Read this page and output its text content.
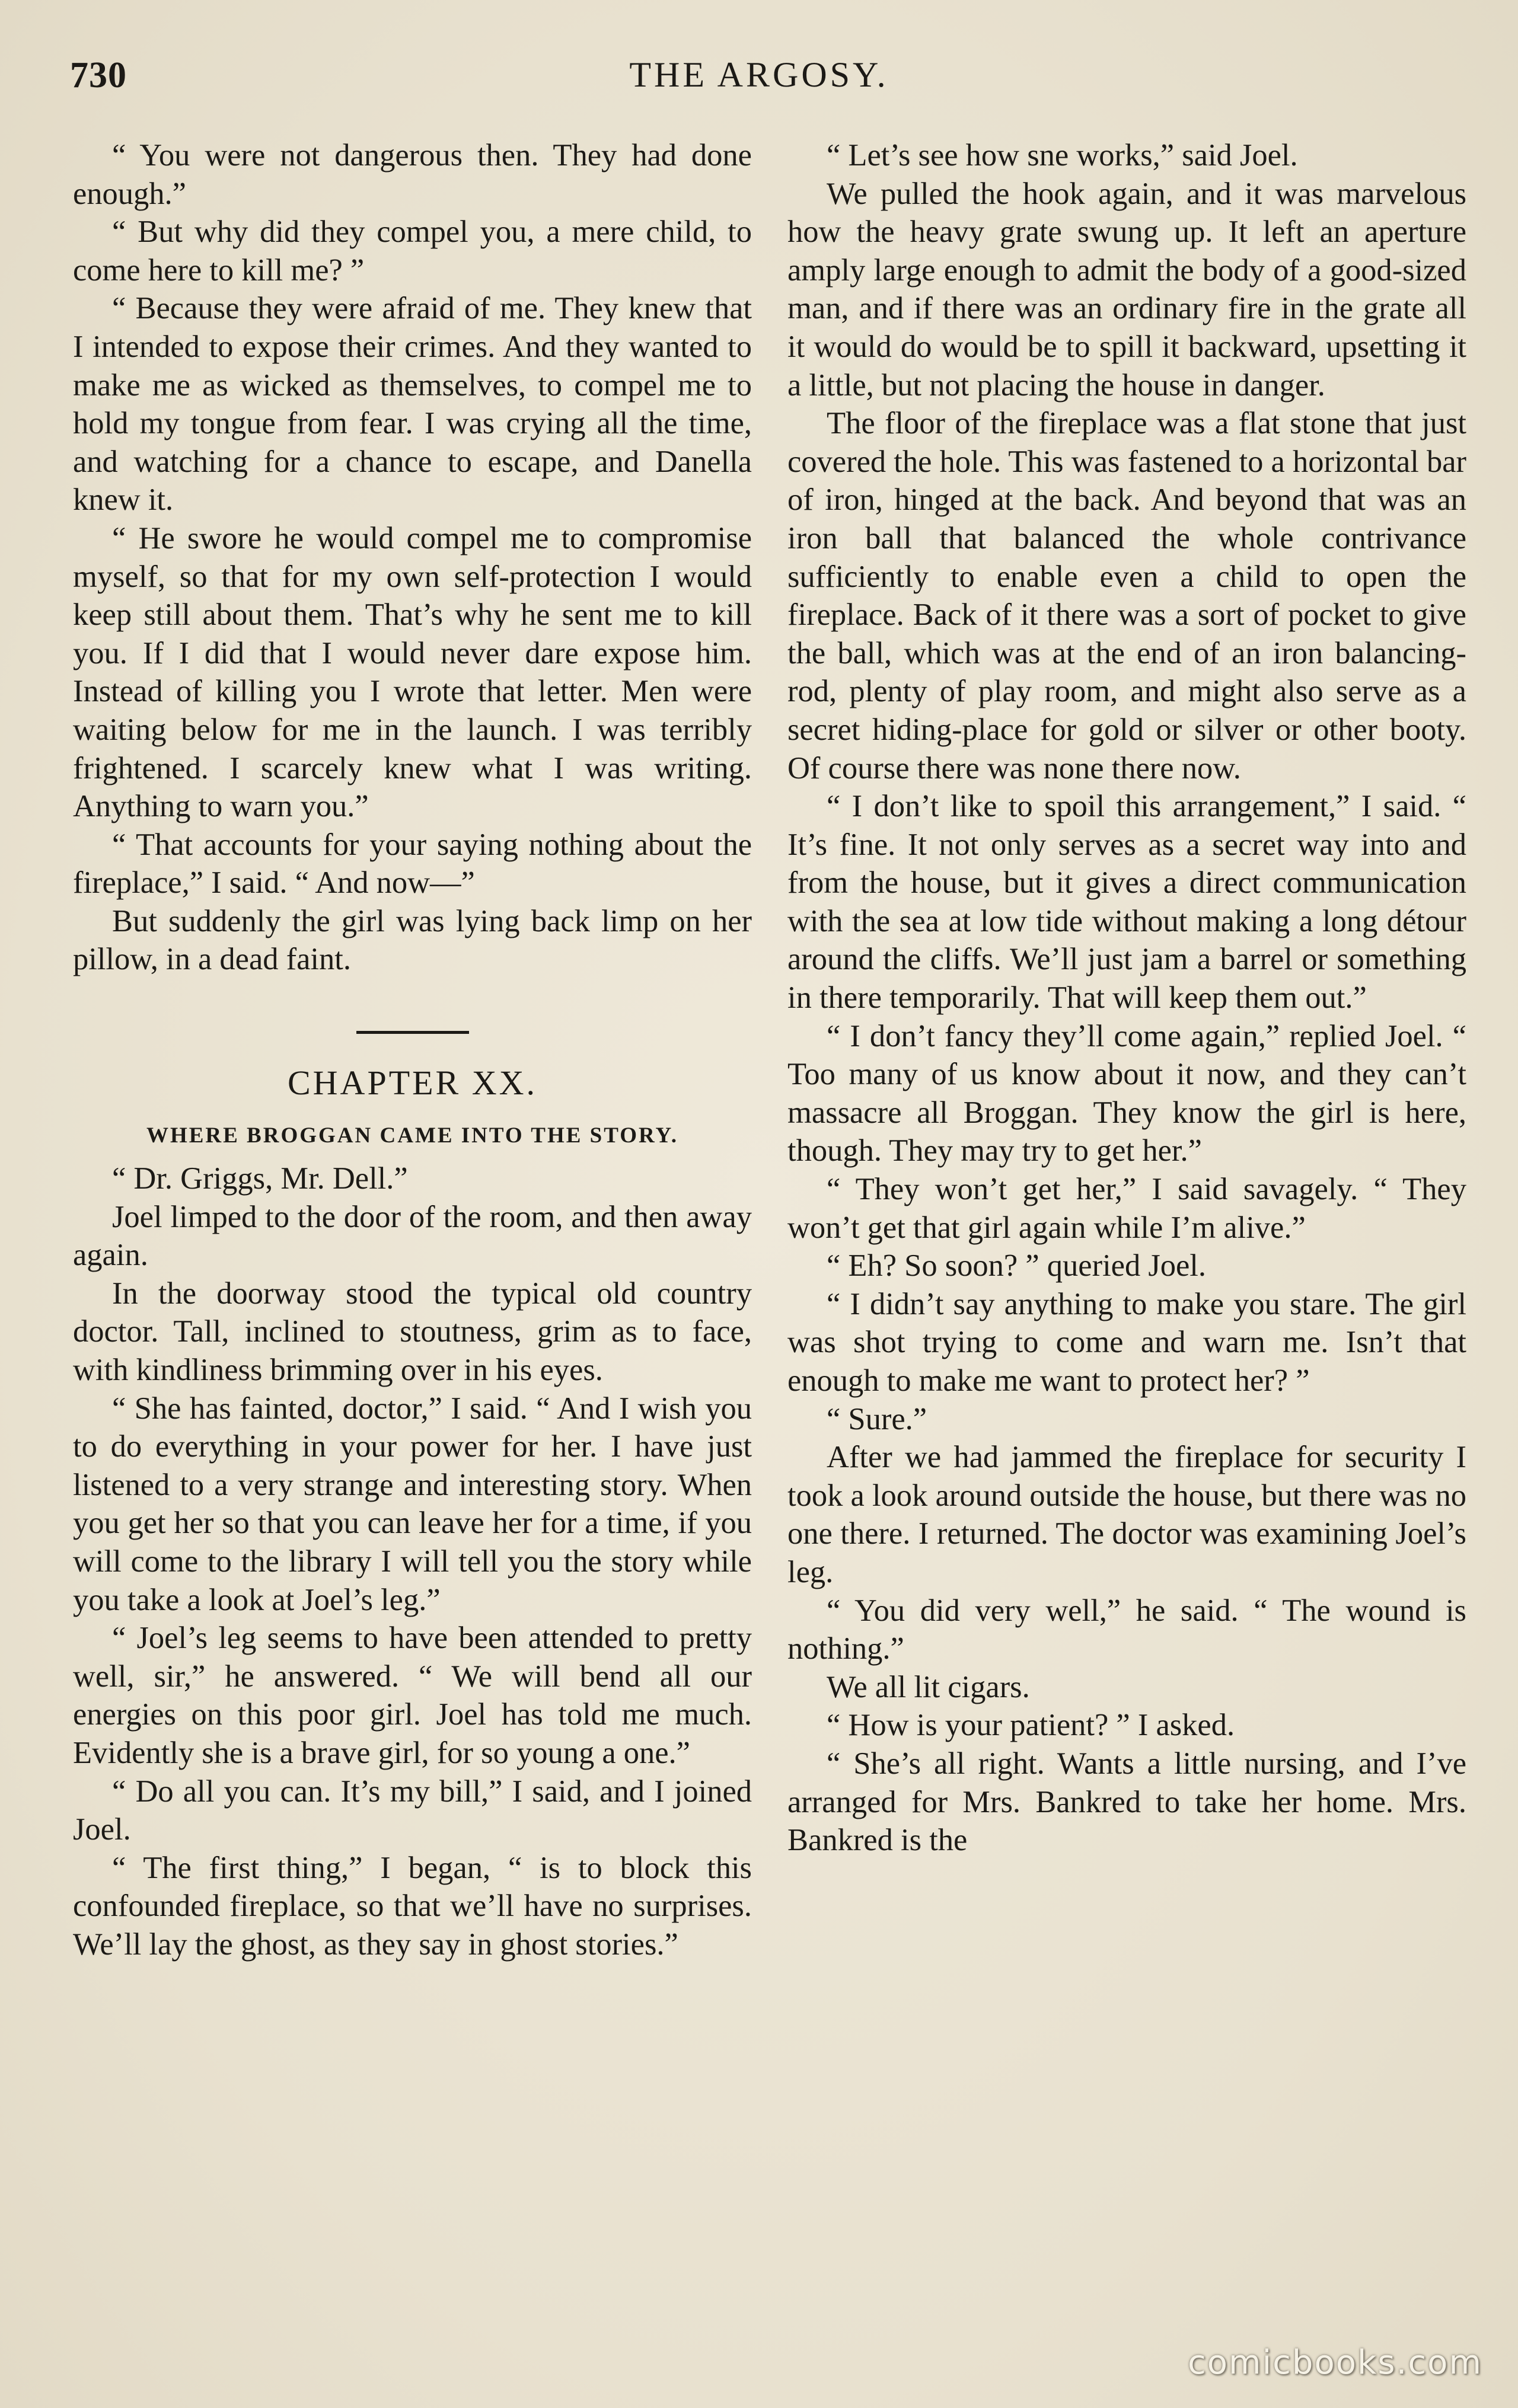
730	THE ARGOSY.

“ You were not dangerous then. They had done enough.”

“ But why did they compel you, a mere child, to come here to kill me? ”

“ Because they were afraid of me. They knew that I intended to expose their crimes. And they wanted to make me as wicked as themselves, to compel me to hold my tongue from fear. I was crying all the time, and watching for a chance to escape, and Danella knew it.

“ He swore he would compel me to compromise myself, so that for my own self-protection I would keep still about them. That’s why he sent me to kill you. If I did that I would never dare expose him. Instead of killing you I wrote that letter. Men were waiting below for me in the launch. I was terribly frightened. I scarcely knew what I was writing. Anything to warn you.”

“ That accounts for your saying nothing about the fireplace,” I said. “ And now—”

But suddenly the girl was lying back limp on her pillow, in a dead faint.

CHAPTER XX.
WHERE BROGGAN CAME INTO THE STORY.

“ Dr. Griggs, Mr. Dell.”

Joel limped to the door of the room, and then away again.

In the doorway stood the typical old country doctor. Tall, inclined to stoutness, grim as to face, with kindliness brimming over in his eyes.

“ She has fainted, doctor,” I said. “ And I wish you to do everything in your power for her. I have just listened to a very strange and interesting story. When you get her so that you can leave her for a time, if you will come to the library I will tell you the story while you take a look at Joel’s leg.”

“ Joel’s leg seems to have been attended to pretty well, sir,” he answered. “ We will bend all our energies on this poor girl. Joel has told me much. Evidently she is a brave girl, for so young a one.”

“ Do all you can. It’s my bill,” I said, and I joined Joel.

“ The first thing,” I began, “ is to block this confounded fireplace, so that we’ll have no surprises. We’ll lay the ghost, as they say in ghost stories.”

“ Let’s see how sne works,” said Joel.

We pulled the hook again, and it was marvelous how the heavy grate swung up. It left an aperture amply large enough to admit the body of a good-sized man, and if there was an ordinary fire in the grate all it would do would be to spill it backward, upsetting it a little, but not placing the house in danger.

The floor of the fireplace was a flat stone that just covered the hole. This was fastened to a horizontal bar of iron, hinged at the back. And beyond that was an iron ball that balanced the whole contrivance sufficiently to enable even a child to open the fireplace. Back of it there was a sort of pocket to give the ball, which was at the end of an iron balancing-rod, plenty of play room, and might also serve as a secret hiding-place for gold or silver or other booty. Of course there was none there now.

“ I don’t like to spoil this arrangement,” I said. “ It’s fine. It not only serves as a secret way into and from the house, but it gives a direct communication with the sea at low tide without making a long détour around the cliffs. We’ll just jam a barrel or something in there temporarily. That will keep them out.”

“ I don’t fancy they’ll come again,” replied Joel. “ Too many of us know about it now, and they can’t massacre all Broggan. They know the girl is here, though. They may try to get her.”

“ They won’t get her,” I said savagely. “ They won’t get that girl again while I’m alive.”

“ Eh? So soon? ” queried Joel.

“ I didn’t say anything to make you stare. The girl was shot trying to come and warn me. Isn’t that enough to make me want to protect her? ”

“ Sure.”

After we had jammed the fireplace for security I took a look around outside the house, but there was no one there. I returned. The doctor was examining Joel’s leg.

“ You did very well,” he said. “ The wound is nothing.”

We all lit cigars.

“ How is your patient? ” I asked.

“ She’s all right. Wants a little nursing, and I’ve arranged for Mrs. Bankred to take her home. Mrs. Bankred is the

comicbooks.com
